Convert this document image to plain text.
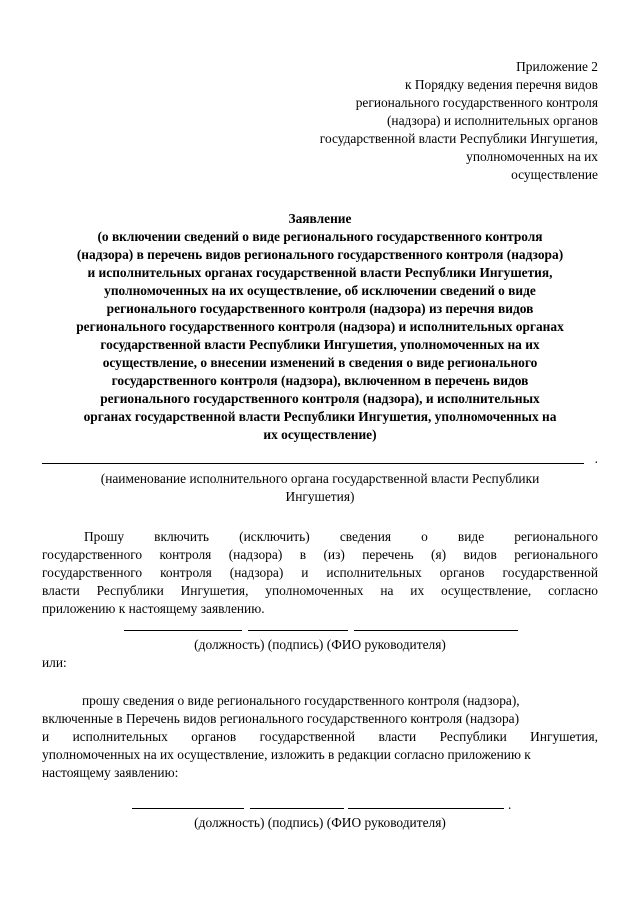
Приложение 2
к Порядку ведения перечня видов
регионального государственного контроля
(надзора) и исполнительных органов
государственной власти Республики Ингушетия,
уполномоченных на их
осуществление
Заявление
(о включении сведений о виде регионального государственного контроля
(надзора) в перечень видов регионального государственного контроля (надзора)
и исполнительных органах государственной власти Республики Ингушетия,
уполномоченных на их осуществление, об исключении сведений о виде
регионального государственного контроля (надзора) из перечня видов
регионального государственного контроля (надзора) и исполнительных органах
государственной власти Республики Ингушетия, уполномоченных на их
осуществление, о внесении изменений в сведения о виде регионального
государственного контроля (надзора), включенном в перечень видов
регионального государственного контроля (надзора), и исполнительных
органах государственной власти Республики Ингушетия, уполномоченных на
их осуществление)
.
(наименование исполнительного органа государственной власти Республики
Ингушетия)
Прошу включить (исключить) сведения о виде регионального
государственного контроля (надзора) в (из) перечень (я) видов регионального
государственного контроля (надзора) и исполнительных органов государственной
власти Республики Ингушетия, уполномоченных на их осуществление, согласно
приложению к настоящему заявлению.
(должность) (подпись) (ФИО руководителя)
или:
прошу сведения о виде регионального государственного контроля (надзора),
включенные в Перечень видов регионального государственного контроля (надзора)
и исполнительных органов государственной власти Республики Ингушетия,
уполномоченных на их осуществление, изложить в редакции согласно приложению к
настоящему заявлению:
.
(должность) (подпись) (ФИО руководителя)
